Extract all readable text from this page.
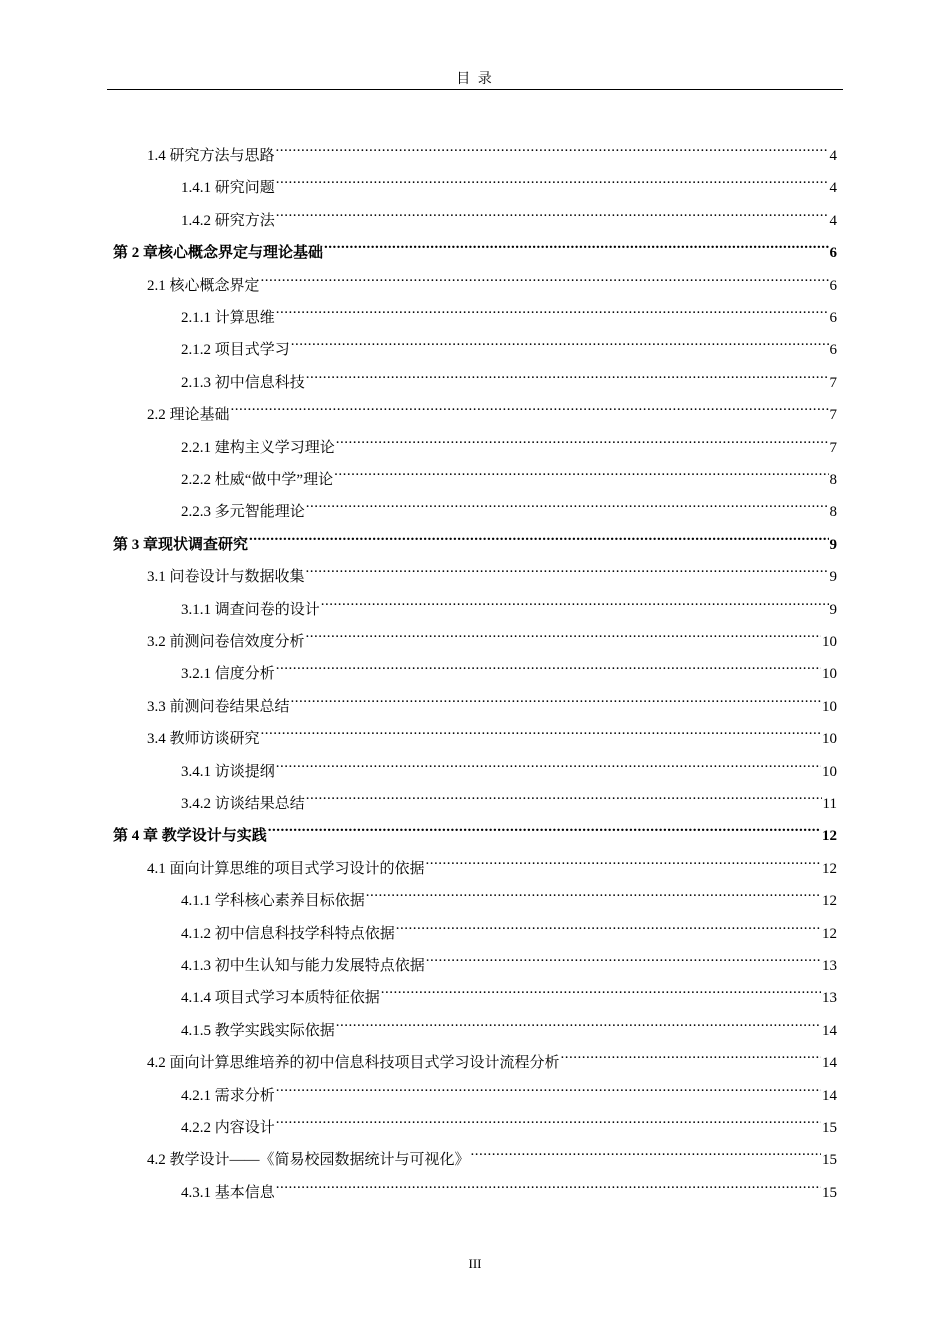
目 录
1.4 研究方法与思路 .....	4
1.4.1 研究问题 .....	4
1.4.2 研究方法 .....	4
第 2 章核心概念界定与理论基础 .....	6
2.1 核心概念界定 .....	6
2.1.1 计算思维 .....	6
2.1.2 项目式学习 .....	6
2.1.3 初中信息科技 .....	7
2.2 理论基础 .....	7
2.2.1 建构主义学习理论 .....	7
2.2.2 杜威“做中学”理论 .....	8
2.2.3 多元智能理论 .....	8
第 3 章现状调查研究 .....	9
3.1 问卷设计与数据收集 .....	9
3.1.1 调查问卷的设计 .....	9
3.2 前测问卷信效度分析 .....	10
3.2.1 信度分析 .....	10
3.3 前测问卷结果总结 .....	10
3.4 教师访谈研究 .....	10
3.4.1 访谈提纲 .....	10
3.4.2 访谈结果总结 .....	11
第 4 章 教学设计与实践 .....	12
4.1 面向计算思维的项目式学习设计的依据 .....	12
4.1.1 学科核心素养目标依据 .....	12
4.1.2 初中信息科技学科特点依据 .....	12
4.1.3 初中生认知与能力发展特点依据 .....	13
4.1.4 项目式学习本质特征依据 .....	13
4.1.5 教学实践实际依据 .....	14
4.2 面向计算思维培养的初中信息科技项目式学习设计流程分析 .....	14
4.2.1 需求分析 .....	14
4.2.2 内容设计 .....	15
4.2 教学设计——《简易校园数据统计与可视化》 .....	15
4.3.1 基本信息 .....	15
III
